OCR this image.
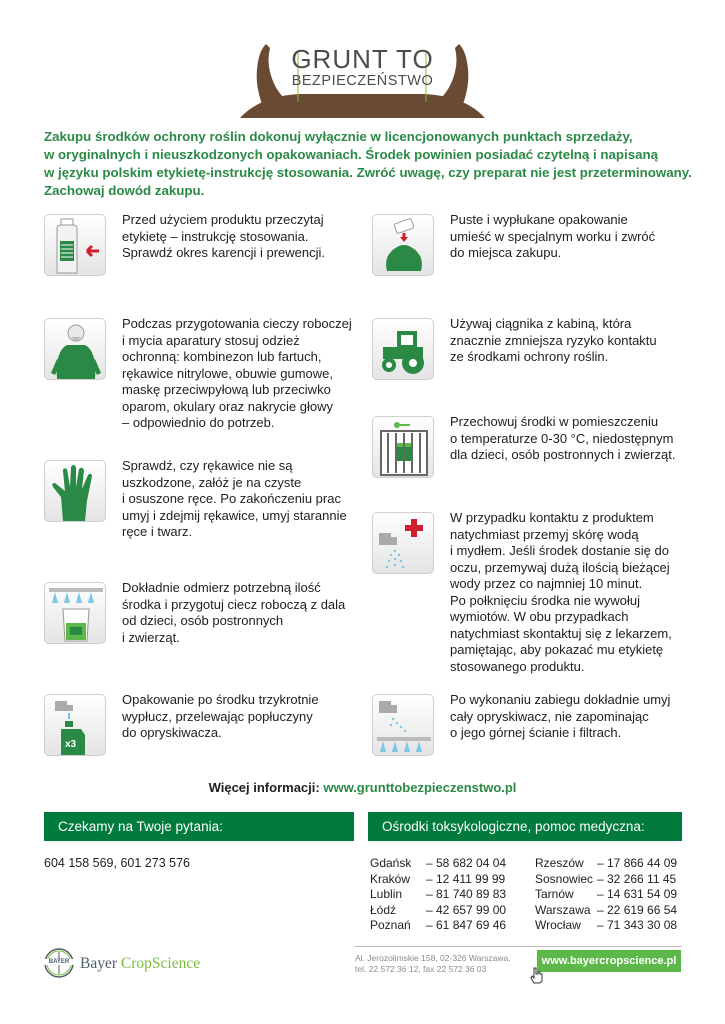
GRUNT TO
BEZPIECZEŃSTWO
Zakupu środków ochrony roślin dokonuj wyłącznie w licencjonowanych punktach sprzedaży,
w oryginalnych i nieuszkodzonych opakowaniach. Środek powinien posiadać czytelną i napisaną
w języku polskim etykietę-instrukcję stosowania. Zwróć uwagę, czy preparat nie jest przeterminowany.
Zachowaj dowód zakupu.
Przed użyciem produktu przeczytaj
etykietę – instrukcję stosowania.
Sprawdź okres karencji i prewencji.
Podczas przygotowania cieczy roboczej
i mycia aparatury stosuj odzież
ochronną: kombinezon lub fartuch,
rękawice nitrylowe, obuwie gumowe,
maskę przeciwpyłową lub przeciwko
oparom, okulary oraz nakrycie głowy
– odpowiednio do potrzeb.
Sprawdź, czy rękawice nie są
uszkodzone, załóż je na czyste
i osuszone ręce. Po zakończeniu prac
umyj i zdejmij rękawice, umyj starannie
ręce i twarz.
Dokładnie odmierz potrzebną ilość
środka i przygotuj ciecz roboczą z dala
od dzieci, osób postronnych
i zwierząt.
x3
Opakowanie po środku trzykrotnie
wypłucz, przelewając popłuczyny
do opryskiwacza.
Puste i wypłukane opakowanie
umieść w specjalnym worku i zwróć
do miejsca zakupu.
Używaj ciągnika z kabiną, która
znacznie zmniejsza ryzyko kontaktu
ze środkami ochrony roślin.
Przechowuj środki w pomieszczeniu
o temperaturze 0-30 °C, niedostępnym
dla dzieci, osób postronnych i zwierząt.
W przypadku kontaktu z produktem
natychmiast przemyj skórę wodą
i mydłem. Jeśli środek dostanie się do
oczu, przemywaj dużą ilością bieżącej
wody przez co najmniej 10 minut.
Po połknięciu środka nie wywołuj
wymiotów. W obu przypadkach
natychmiast skontaktuj się z lekarzem,
pamiętając, aby pokazać mu etykietę
stosowanego produktu.
Po wykonaniu zabiegu dokładnie umyj
cały opryskiwacz, nie zapominając
o jego górnej ścianie i filtrach.
Więcej informacji: www.grunttobezpieczenstwo.pl
Czekamy na Twoje pytania:	Ośrodki toksykologiczne, pomoc medyczna:
604 158 569, 601 273 576	Gdańsk – 58 682 04 04
Kraków – 12 411 99 99
Lublin – 81 740 89 83
Łódź – 42 657 99 00
Poznań – 61 847 69 46
Rzeszów – 17 866 44 09
Sosnowiec – 32 266 11 45
Tarnów – 14 631 54 09
Warszawa – 22 619 66 54
Wrocław – 71 343 30 08
BAYER Bayer CropScience	Al. Jerozolimskie 158, 02-326 Warszawa,
tel. 22 572 36 12, fax 22 572 36 03
www.bayercropscience.pl
